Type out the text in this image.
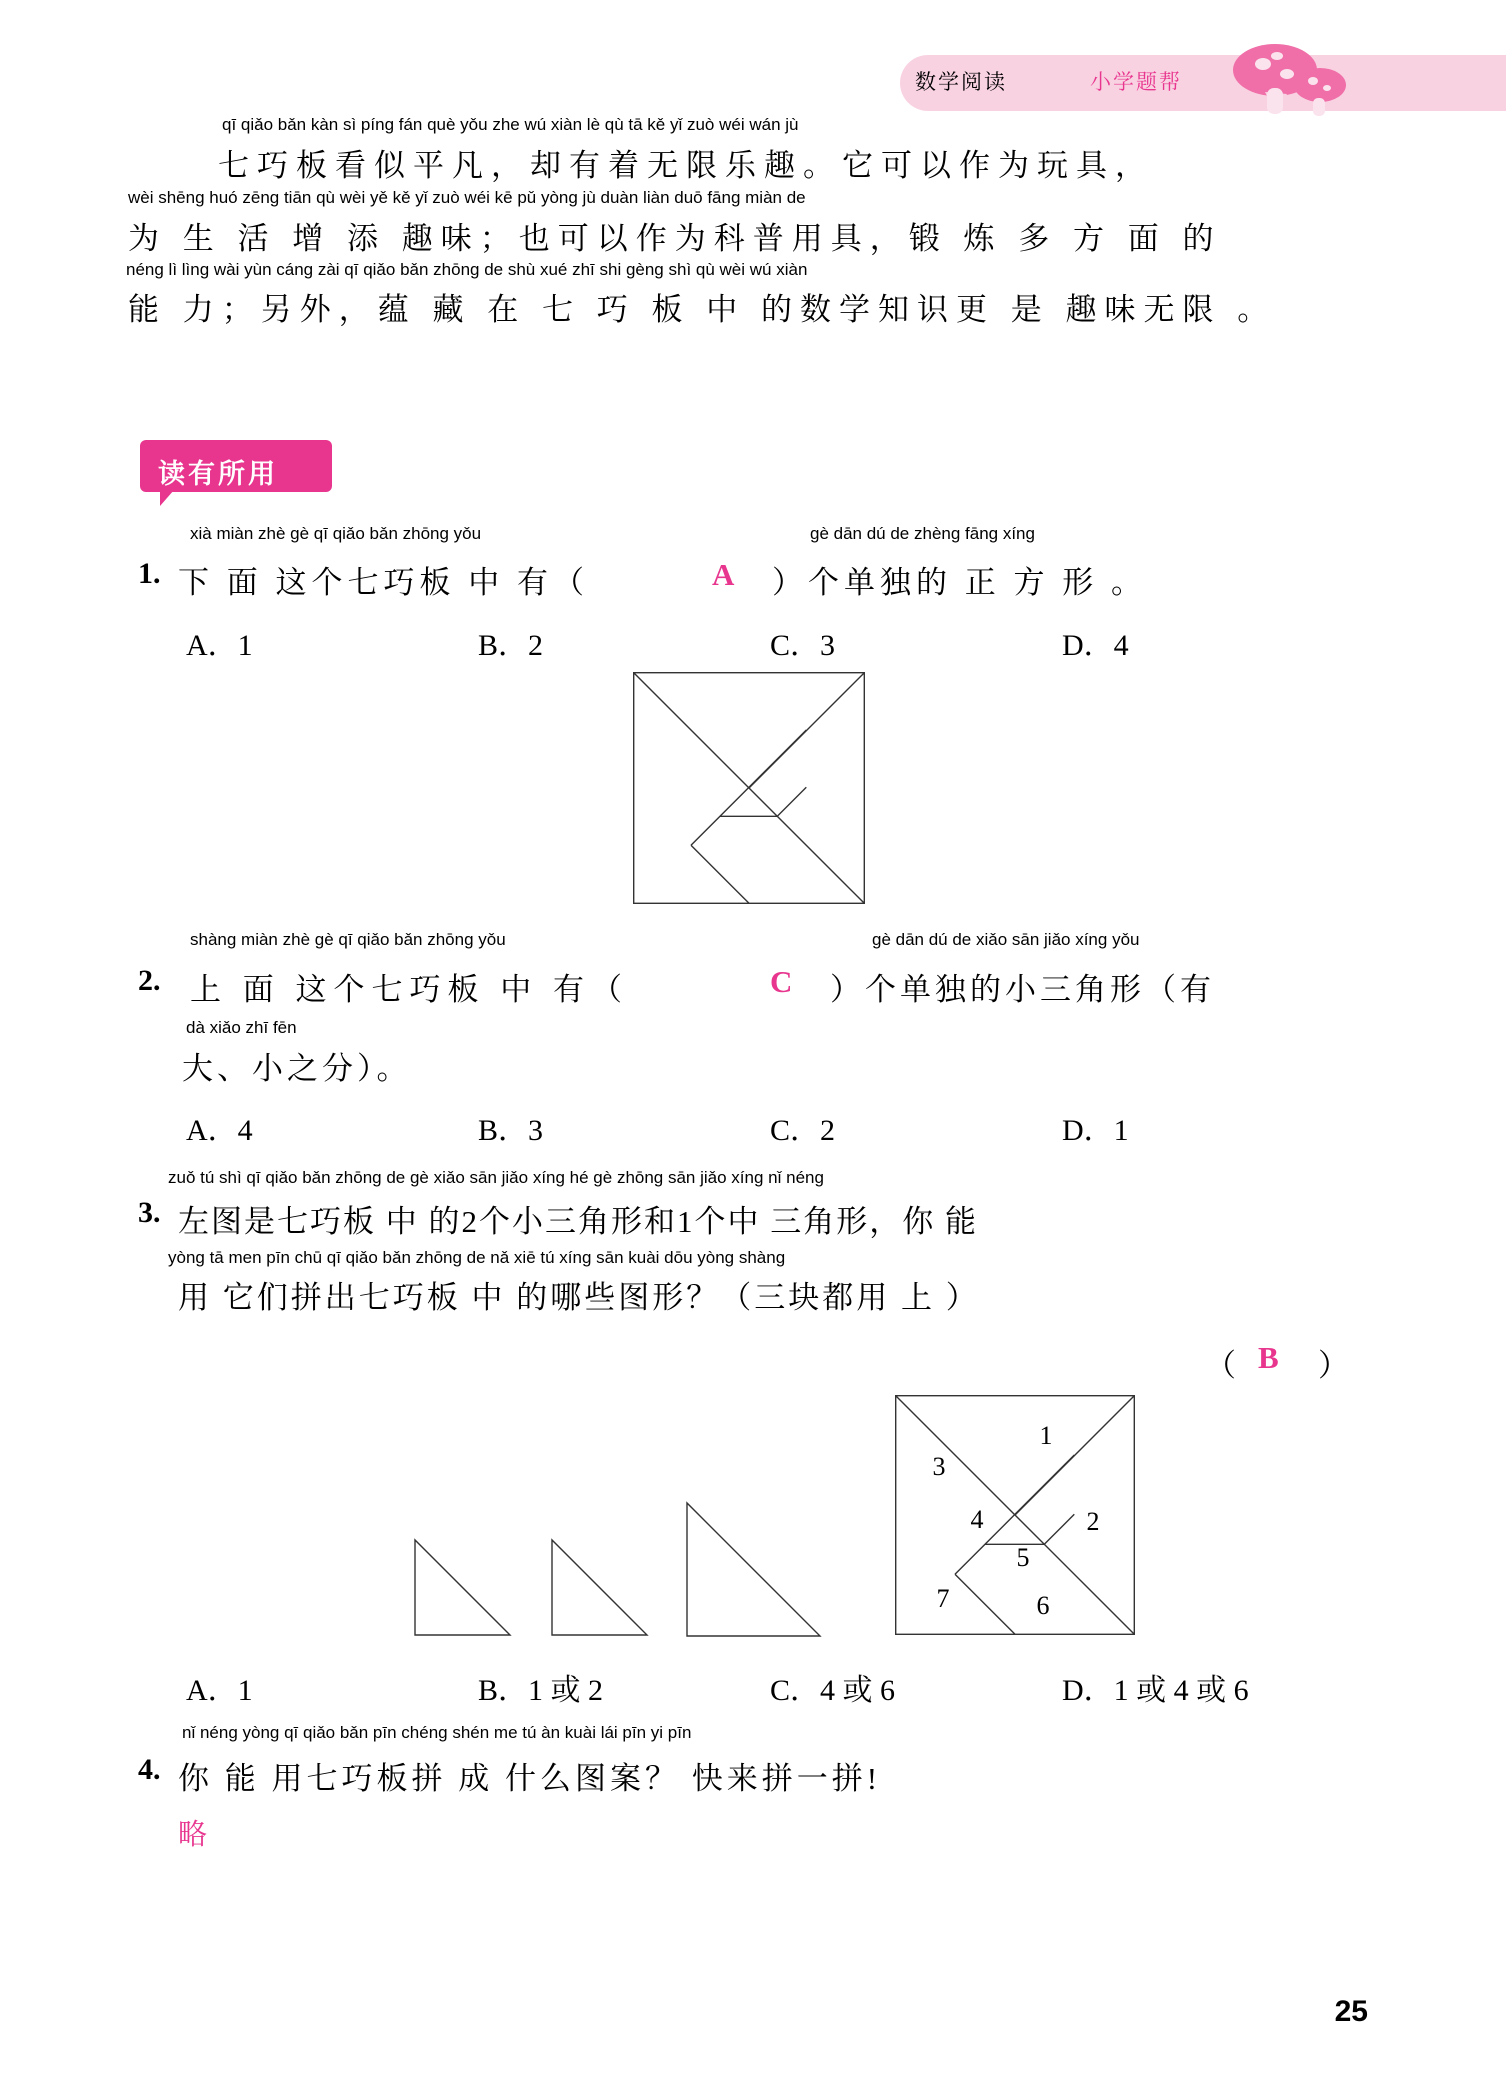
数学阅读	小学题帮
qī qiǎo bǎn kàn sì píng fán què yǒu zhe wú xiàn lè qù tā kě yǐ zuò wéi wán jù
七巧板看似平凡，却有着无限乐趣。它可以作为玩具，
wèi shēng huó zēng tiān qù wèi yě kě yǐ zuò wéi kē pǔ yòng jù duàn liàn duō fāng miàn de
为 生 活 增 添 趣味；也可以作为科普用具，锻 炼 多 方 面 的
néng lì lìng wài yùn cáng zài qī qiǎo bǎn zhōng de shù xué zhī shi gèng shì qù wèi wú xiàn
能 力；另外，蕴 藏 在 七 巧 板 中 的数学知识更 是 趣味无限 。
读有所用
xià miàn zhè gè qī qiǎo bǎn zhōng yǒu	gè dān dú de zhèng fāng xíng
1. 下 面 这个七巧板 中 有（	A ）个单独的 正 方 形 。
A．1	B．2	C．3	D．4
shàng miàn zhè gè qī qiǎo bǎn zhōng yǒu	gè dān dú de xiǎo sān jiǎo xíng yǒu
2. 上 面 这个七巧板 中 有（	C ）个单独的小三角形（有
dà xiǎo zhī fēn
大、小之分）。
A．4	B．3	C．2	D．1
zuǒ tú shì qī qiǎo bǎn zhōng de gè xiǎo sān jiǎo xíng hé gè zhōng sān jiǎo xíng nǐ néng
3. 左图是七巧板 中 的2个小三角形和1个中 三角形，你 能
yòng tā men pīn chū qī qiǎo bǎn zhōng de nǎ xiē tú xíng sān kuài dōu yòng shàng
用 它们拼出七巧板 中 的哪些图形？（三块都用 上 ）
（ B ）
1
2
3
4
5
6
7
A．1	B．1 或 2	C．4 或 6	D．1 或 4 或 6
nǐ néng yòng qī qiǎo bǎn pīn chéng shén me tú àn kuài lái pīn yi pīn
4. 你 能 用七巧板拼 成 什么图案？ 快来拼一拼!
略
25
